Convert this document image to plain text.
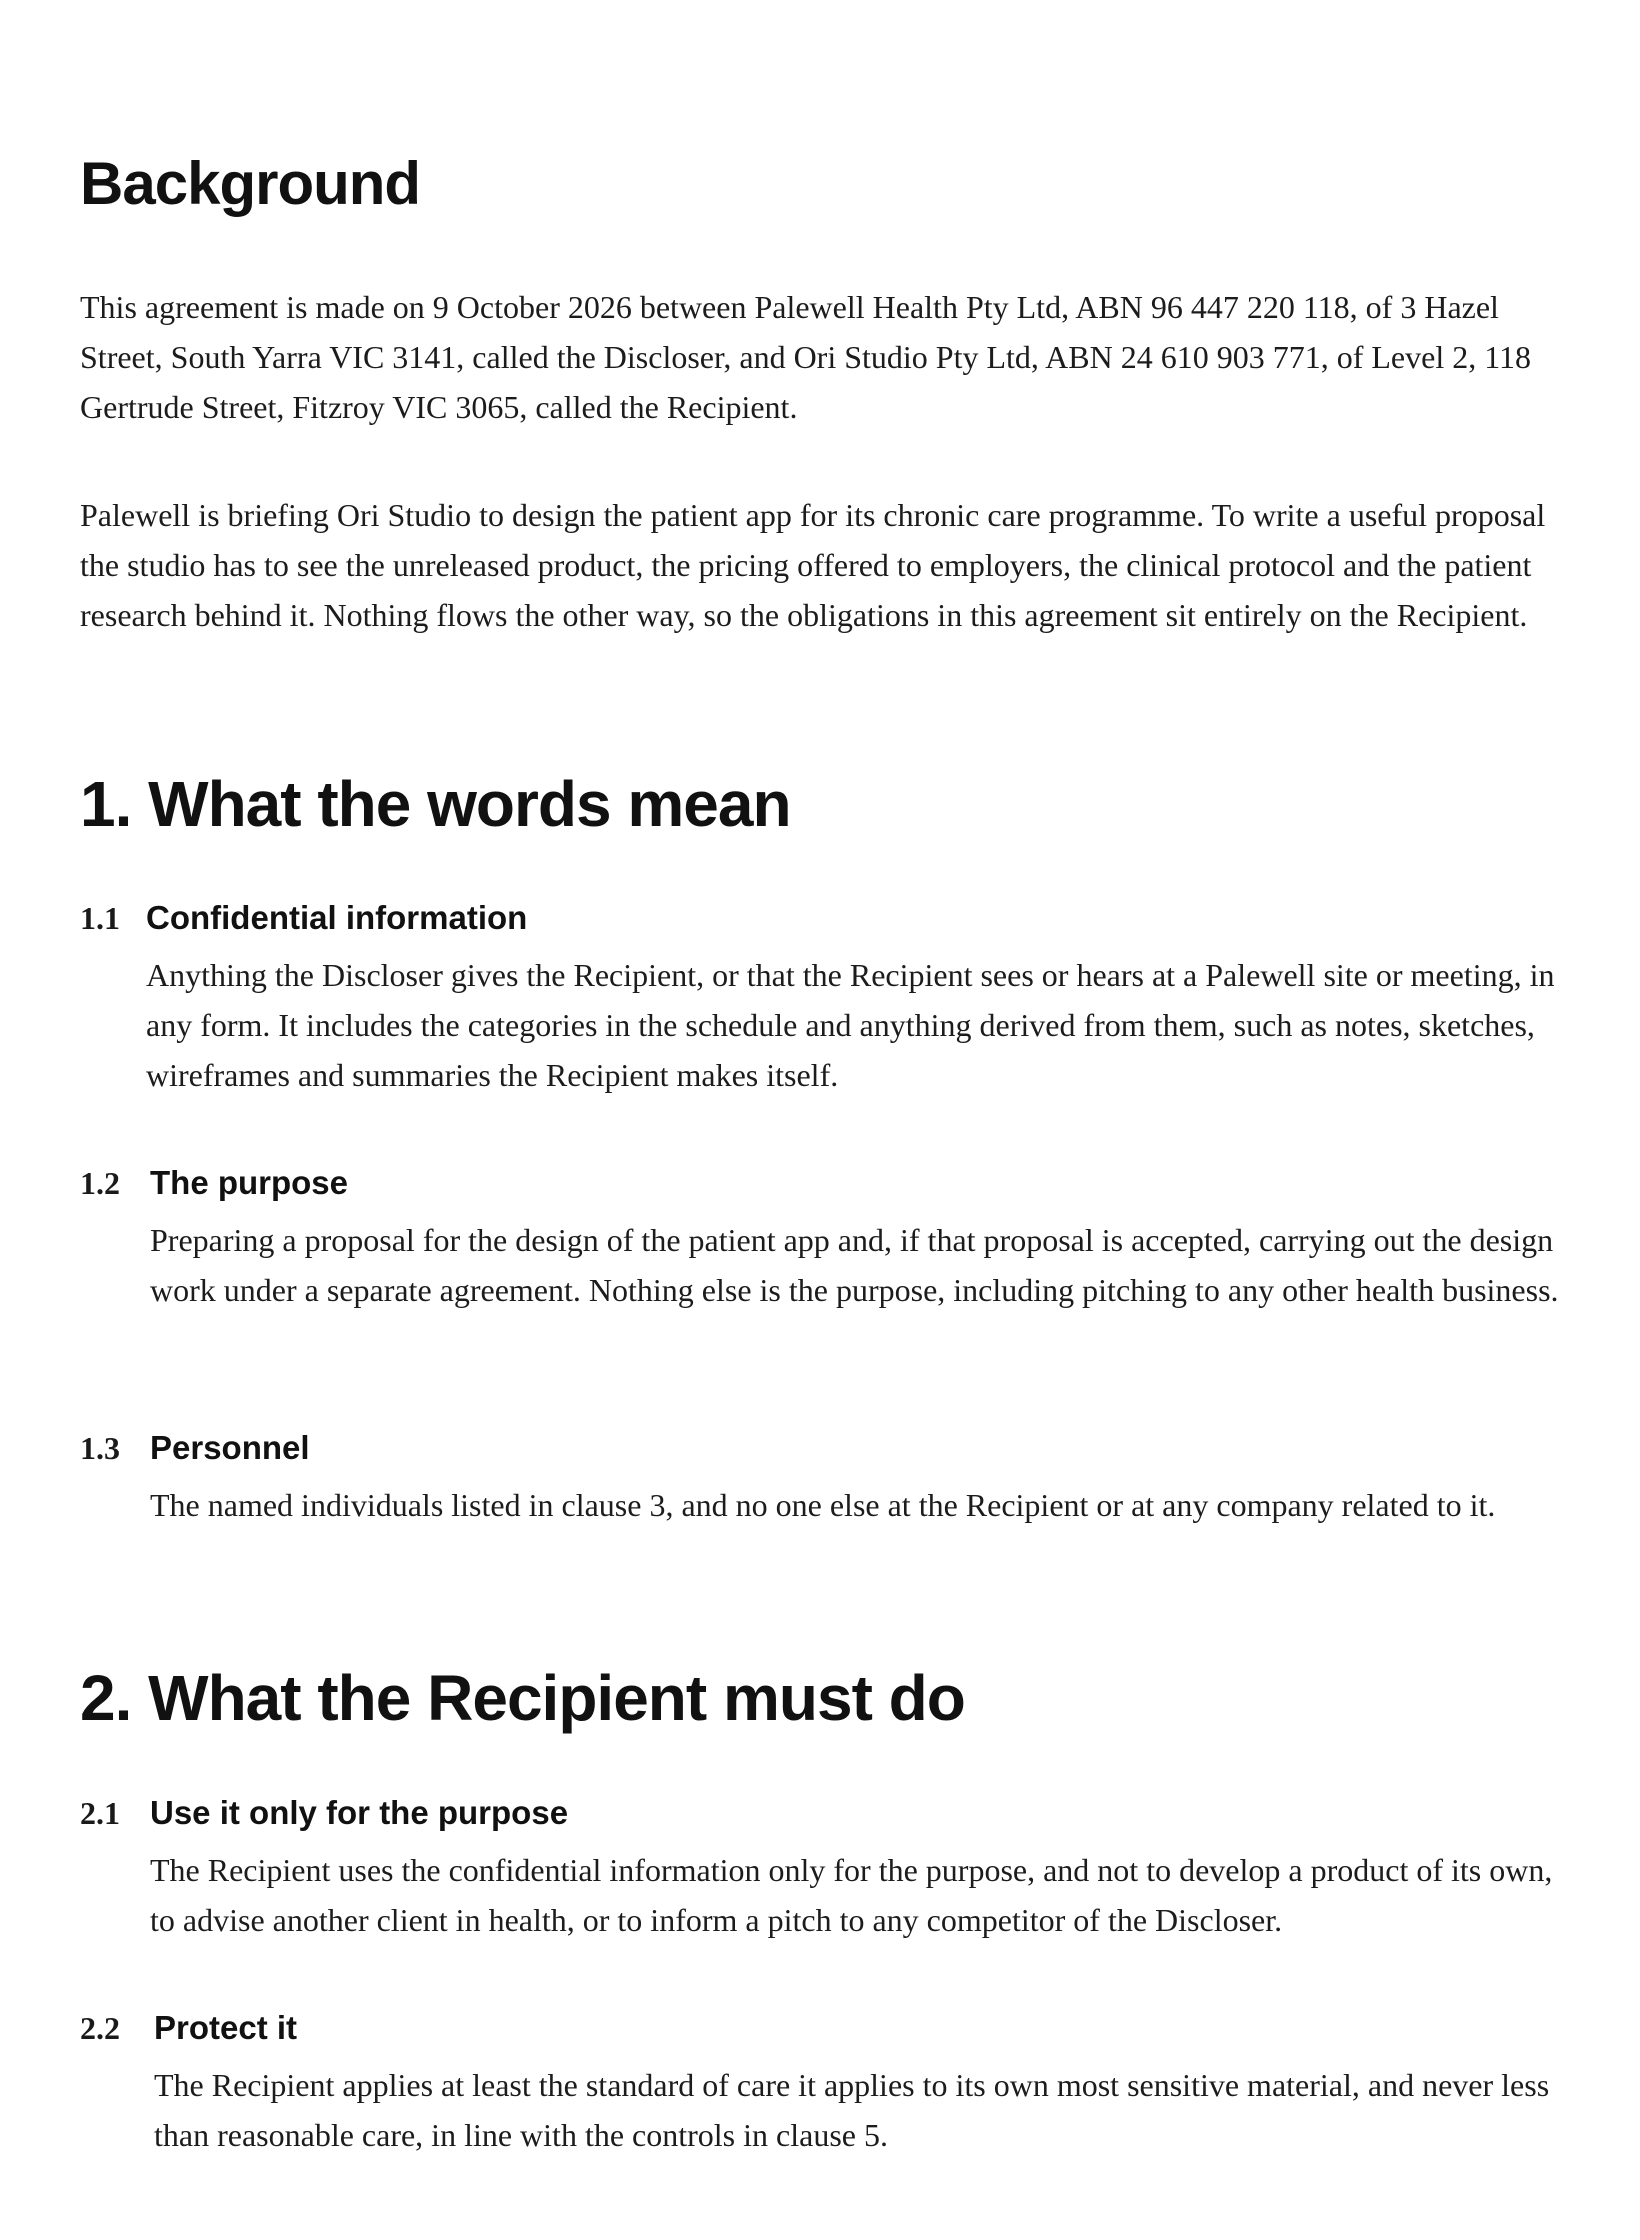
Background

This agreement is made on 9 October 2026 between Palewell Health Pty Ltd, ABN 96 447 220 118, of 3 Hazel Street, South Yarra VIC 3141, called the Discloser, and Ori Studio Pty Ltd, ABN 24 610 903 771, of Level 2, 118 Gertrude Street, Fitzroy VIC 3065, called the Recipient.

Palewell is briefing Ori Studio to design the patient app for its chronic care programme. To write a useful proposal the studio has to see the unreleased product, the pricing offered to employers, the clinical protocol and the patient research behind it. Nothing flows the other way, so the obligations in this agreement sit entirely on the Recipient.

1. What the words mean
1.1 Confidential information

Anything the Discloser gives the Recipient, or that the Recipient sees or hears at a Palewell site or meeting, in any form. It includes the categories in the schedule and anything derived from them, such as notes, sketches, wireframes and summaries the Recipient makes itself.

1.2 The purpose

Preparing a proposal for the design of the patient app and, if that proposal is accepted, carrying out the design work under a separate agreement. Nothing else is the purpose, including pitching to any other health business.

1.3 Personnel

The named individuals listed in clause 3, and no one else at the Recipient or at any company related to it.

2. What the Recipient must do
2.1 Use it only for the purpose

The Recipient uses the confidential information only for the purpose, and not to develop a product of its own, to advise another client in health, or to inform a pitch to any competitor of the Discloser.

2.2 Protect it

The Recipient applies at least the standard of care it applies to its own most sensitive material, and never less than reasonable care, in line with the controls in clause 5.
